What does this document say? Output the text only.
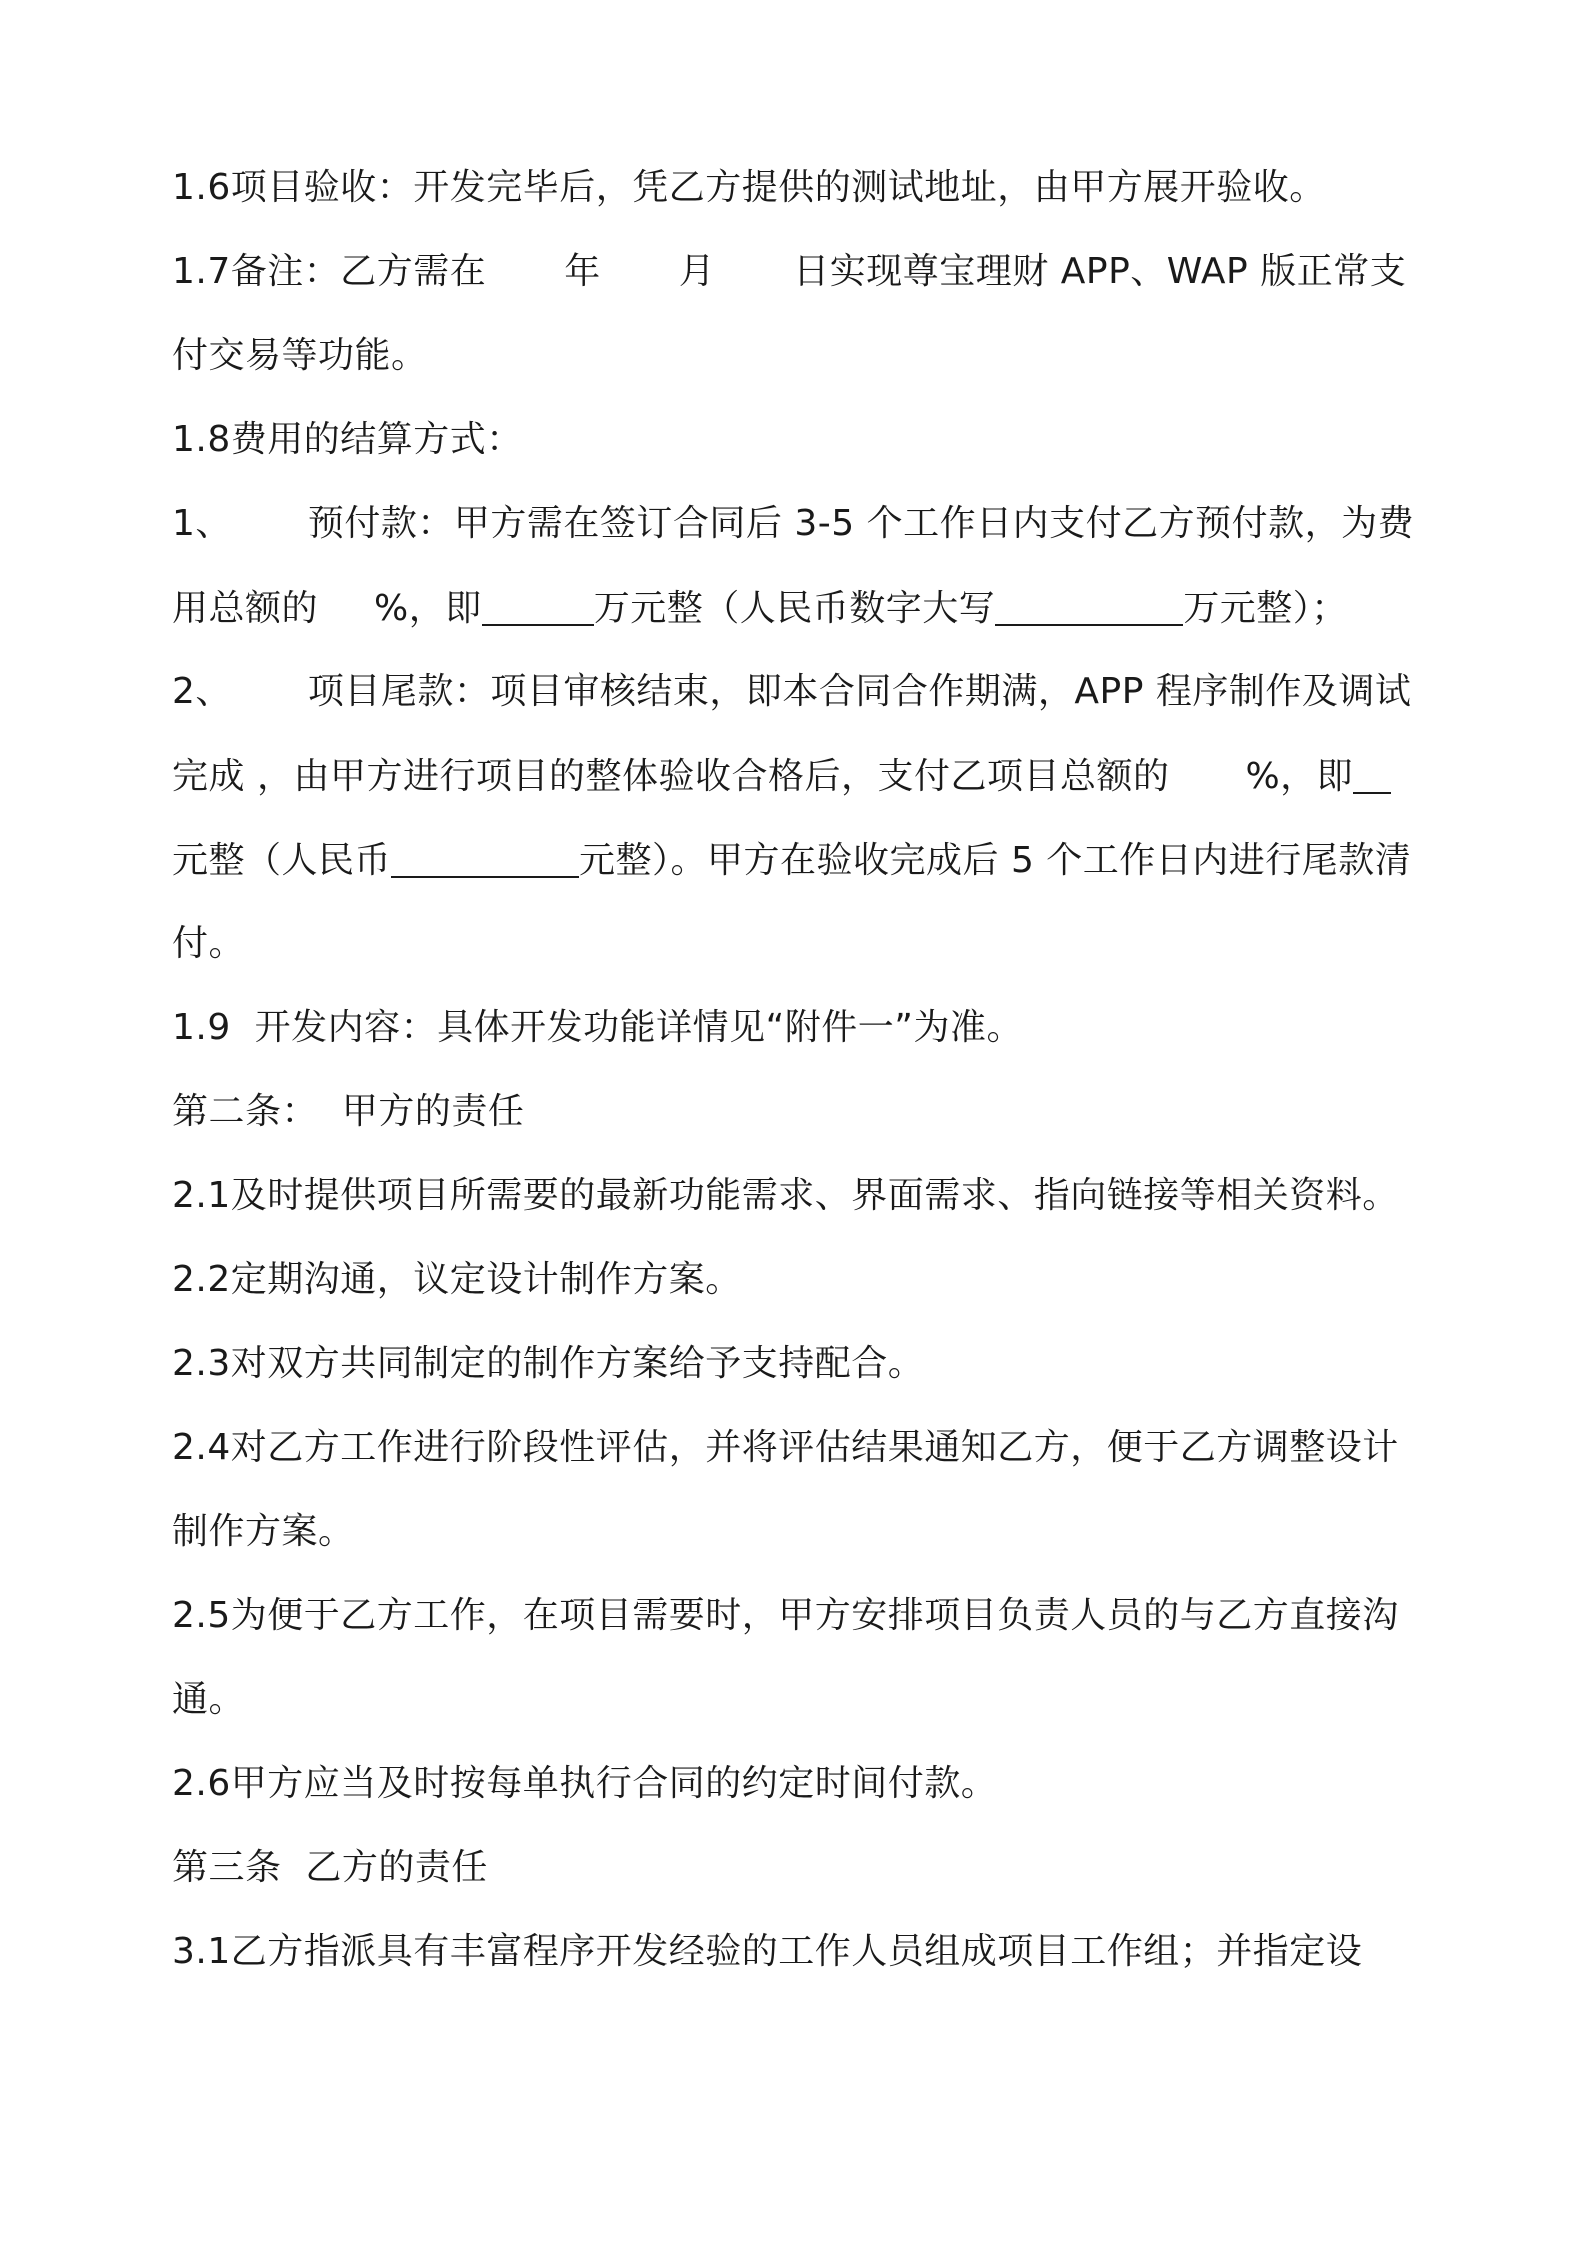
1.6项目验收：开发完毕后，凭乙方提供的测试地址，由甲方展开验收。
1.7备注：乙方需在 年 月 日实现尊宝理财 APP、WAP 版正常支
付交易等功能。
1.8费用的结算方式：
1、 预付款：甲方需在签订合同后 3-5 个工作日内支付乙方预付款，为费
用总额的 %，即	万元整（人民币数字大写	万元整）；
2、 项目尾款：项目审核结束，即本合同合作期满，APP 程序制作及调试
完成 ，由甲方进行项目的整体验收合格后，支付乙项目总额的 %，即
元整（人民币	元整）。甲方在验收完成后 5 个工作日内进行尾款清
付。
1.9  开发内容：具体开发功能详情见“附件一”为准。
第二条：  甲方的责任
2.1及时提供项目所需要的最新功能需求、界面需求、指向链接等相关资料。
2.2定期沟通，议定设计制作方案。
2.3对双方共同制定的制作方案给予支持配合。
2.4对乙方工作进行阶段性评估，并将评估结果通知乙方，便于乙方调整设计
制作方案。
2.5为便于乙方工作，在项目需要时，甲方安排项目负责人员的与乙方直接沟
通。
2.6甲方应当及时按每单执行合同的约定时间付款。
第三条  乙方的责任
3.1乙方指派具有丰富程序开发经验的工作人员组成项目工作组；并指定设
